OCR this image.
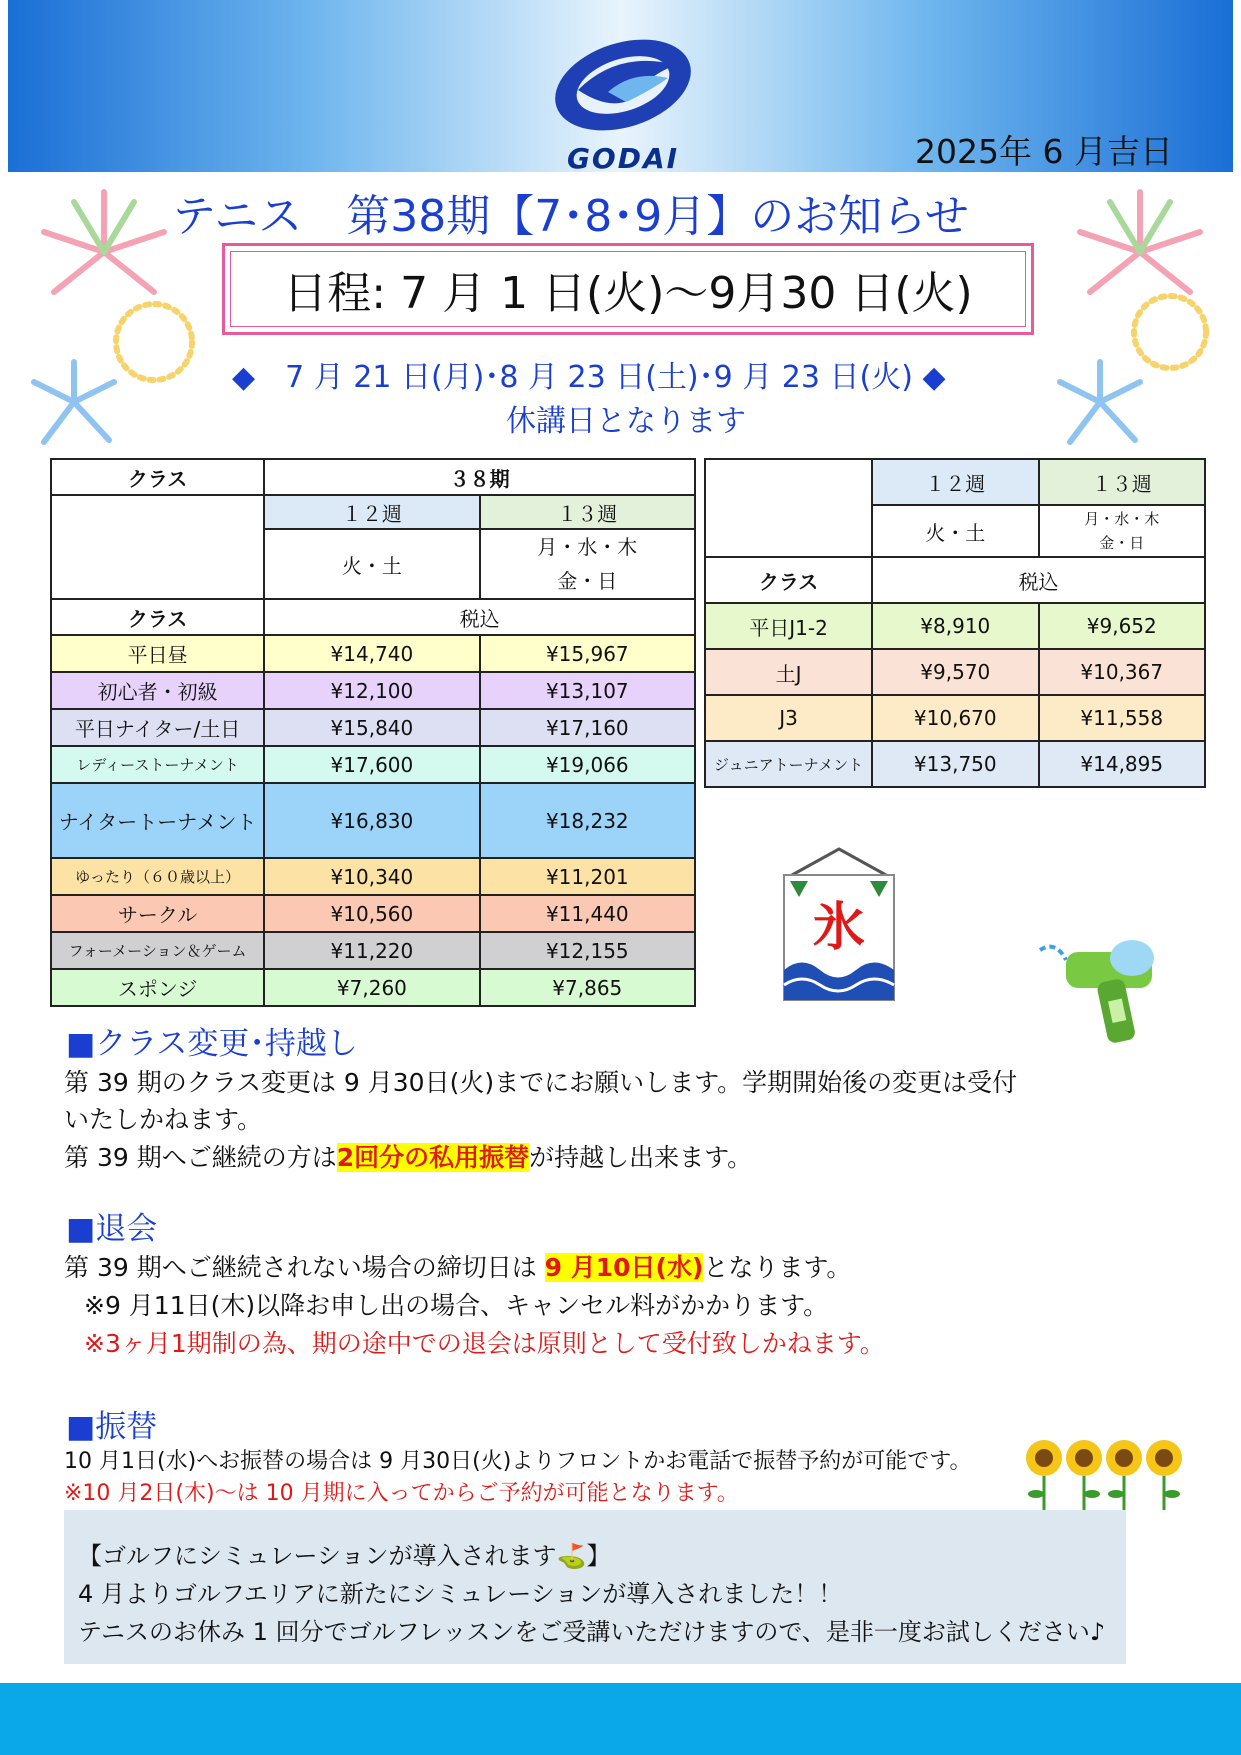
GODAI	2025年 6 月吉日
テニス　第38期【7･8･9月】のお知らせ
日程: 7 月 1 日(火)〜9月30 日(火)
◆　7 月 21 日(月)･8 月 23 日(土)･9 月 23 日(火) ◆
休講日となります
クラス	３８期	
	１２週	１３週
	火・土	月・水・木
金・日

クラス	税込	
平日昼	¥14,740	¥15,967
初心者・初級	¥12,100	¥13,107
平日ナイター/土日	¥15,840	¥17,160
レディーストーナメント	¥17,600	¥19,066
ナイタートーナメント	¥16,830	¥18,232
ゆったり（６０歳以上）	¥10,340	¥11,201
サークル	¥10,560	¥11,440
フォーメーション＆ゲーム	¥11,220	¥12,155
スポンジ	¥7,260	¥7,865
	１２週	１３週
	火・土	月・水・木
金・日

クラス	税込	
平日J1-2	¥8,910	¥9,652
土J	¥9,570	¥10,367
J3	¥10,670	¥11,558
ジュニアトーナメント	¥13,750	¥14,895
氷
■クラス変更･持越し
第 39 期のクラス変更は 9 月30日(火)までにお願いします。学期開始後の変更は受付
いたしかねます。
第 39 期へご継続の方は2回分の私用振替が持越し出来ます。
■退会
第 39 期へご継続されない場合の締切日は 9 月10日(水)となります。
※9 月11日(木)以降お申し出の場合、キャンセル料がかかります。
※3ヶ月1期制の為、期の途中での退会は原則として受付致しかねます。
■振替
10 月1日(水)へお振替の場合は 9 月30日(火)よりフロントかお電話で振替予約が可能です。
※10 月2日(木)〜は 10 月期に入ってからご予約が可能となります。
【ゴルフにシミュレーションが導入されます⛳】
4 月よりゴルフエリアに新たにシミュレーションが導入されました！！
テニスのお休み 1 回分でゴルフレッスンをご受講いただけますので、是非一度お試しください♪
